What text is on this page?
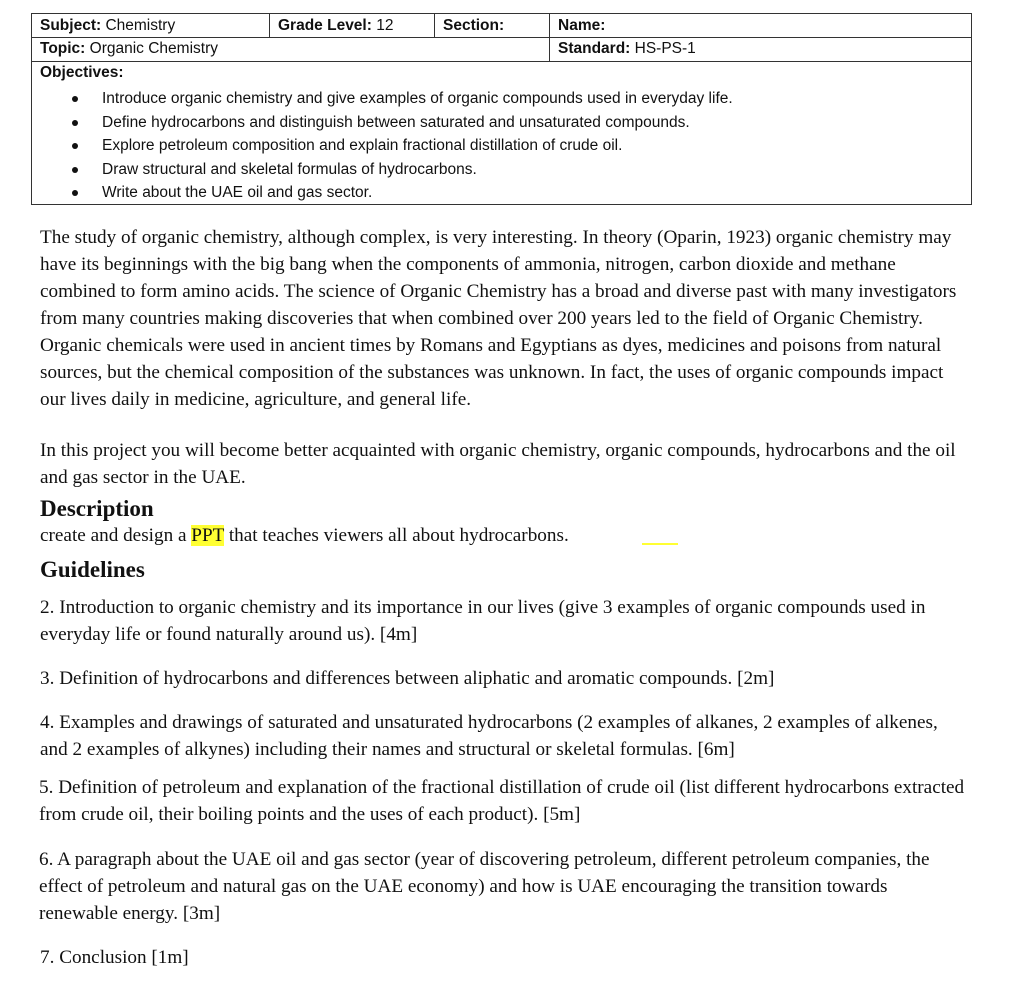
Subject: Chemistry	Grade Level: 12	Section:	Name:
Topic: Organic Chemistry	Standard: HS-PS-1
Objectives:
Introduce organic chemistry and give examples of organic compounds used in everyday life.
Define hydrocarbons and distinguish between saturated and unsaturated compounds.
Explore petroleum composition and explain fractional distillation of crude oil.
Draw structural and skeletal formulas of hydrocarbons.
Write about the UAE oil and gas sector.
The study of organic chemistry, although complex, is very interesting. In theory (Oparin, 1923) organic chemistry may have its beginnings with the big bang when the components of ammonia, nitrogen, carbon dioxide and methane combined to form amino acids. The science of Organic Chemistry has a broad and diverse past with many investigators from many countries making discoveries that when combined over 200 years led to the field of Organic Chemistry. Organic chemicals were used in ancient times by Romans and Egyptians as dyes, medicines and poisons from natural sources, but the chemical composition of the substances was unknown. In fact, the uses of organic compounds impact our lives daily in medicine, agriculture, and general life.
In this project you will become better acquainted with organic chemistry, organic compounds, hydrocarbons and the oil and gas sector in the UAE.
Description
create and design a PPT that teaches viewers all about hydrocarbons.
Guidelines
2. Introduction to organic chemistry and its importance in our lives (give 3 examples of organic compounds used in everyday life or found naturally around us). [4m]
3. Definition of hydrocarbons and differences between aliphatic and aromatic compounds. [2m]
4. Examples and drawings of saturated and unsaturated hydrocarbons (2 examples of alkanes, 2 examples of alkenes, and 2 examples of alkynes) including their names and structural or skeletal formulas. [6m]
5. Definition of petroleum and explanation of the fractional distillation of crude oil (list different hydrocarbons extracted from crude oil, their boiling points and the uses of each product). [5m]
6. A paragraph about the UAE oil and gas sector (year of discovering petroleum, different petroleum companies, the effect of petroleum and natural gas on the UAE economy) and how is UAE encouraging the transition towards renewable energy. [3m]
7. Conclusion [1m]
